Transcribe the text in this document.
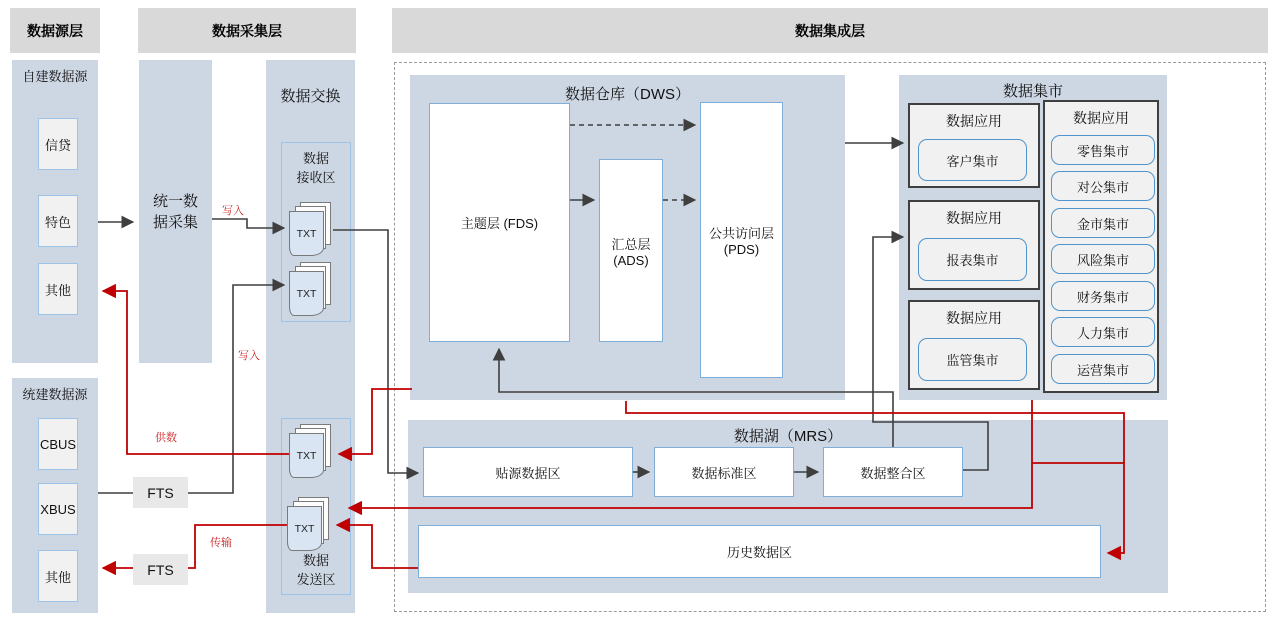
数据源层	数据采集层	数据集成层
自建数据源
信贷
特色
其他
统建数据源
CBUS
XBUS
其他
统一数
据采集
数据交换
数据
接收区
数据
发送区
TXT
TXT
TXT
TXT
FTS
FTS
数据仓库（DWS）
主题层 (FDS)
汇总层
(ADS)
公共访问层
(PDS)
数据集市
数据应用
客户集市
数据应用
报表集市
数据应用
监管集市
数据应用
零售集市
对公集市
金市集市
风险集市
财务集市
人力集市
运营集市
数据湖（MRS）
贴源数据区	数据标准区	数据整合区
历史数据区
写入
写入
供数
传输
